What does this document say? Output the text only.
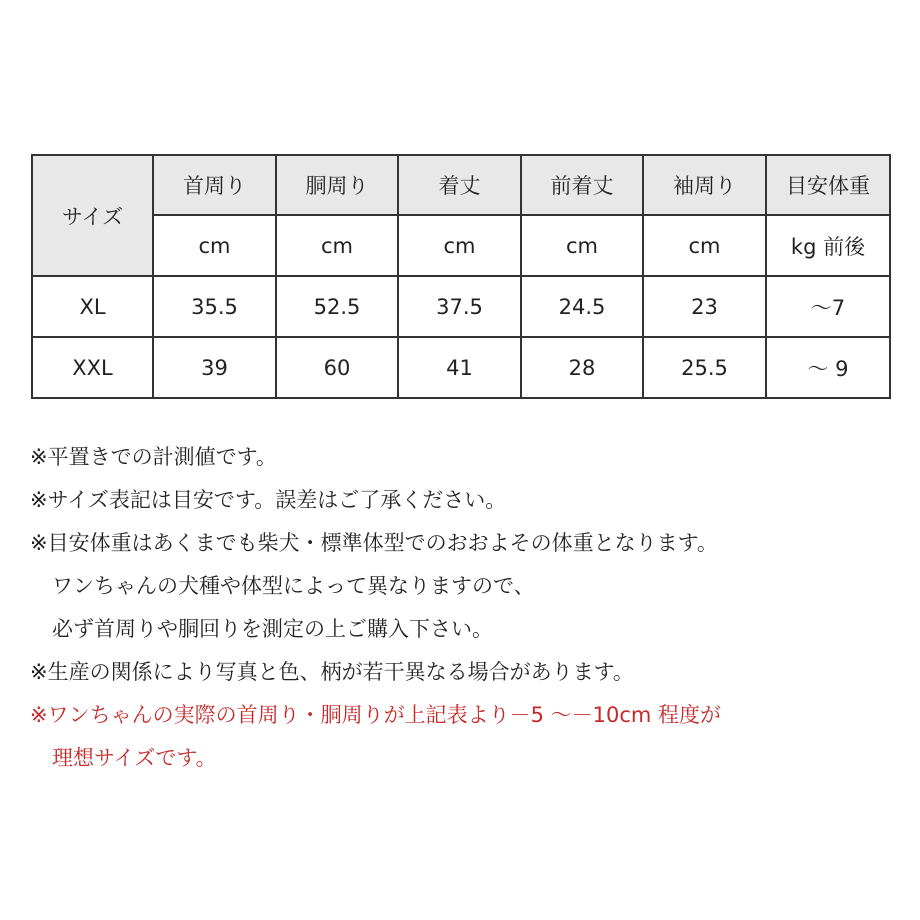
サイズ	首周り	胴周り	着丈	前着丈	袖周り	目安体重
	cm	cm	cm	cm	cm	kg 前後
XL	35.5	52.5	37.5	24.5	23	～7
XXL	39	60	41	28	25.5	～ 9
※平置きでの計測値です。
※サイズ表記は目安です。誤差はご了承ください。
※目安体重はあくまでも柴犬・標準体型でのおおよその体重となります。
ワンちゃんの犬種や体型によって異なりますので、
必ず首周りや胴回りを測定の上ご購入下さい。
※生産の関係により写真と色、柄が若干異なる場合があります。
※ワンちゃんの実際の首周り・胴周りが上記表より－5 ～－10cm 程度が
理想サイズです。
